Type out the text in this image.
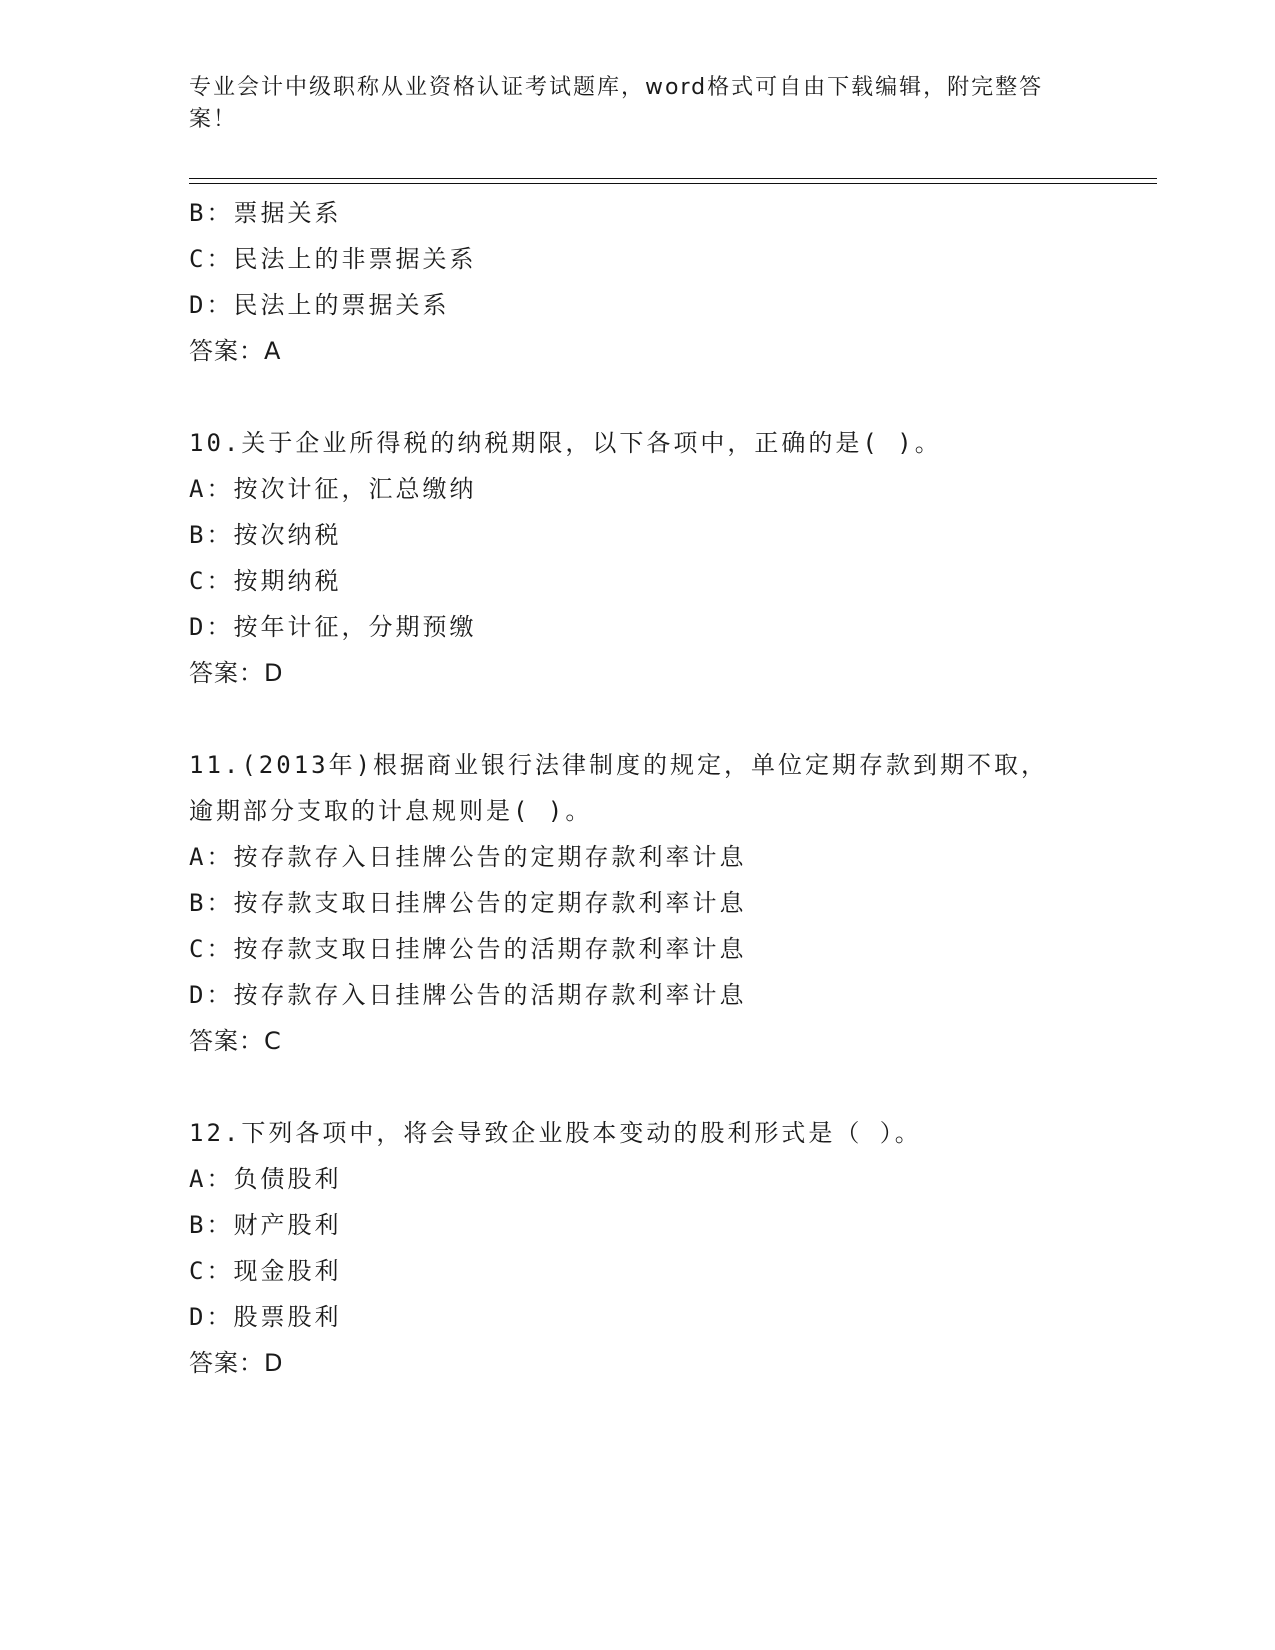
专业会计中级职称从业资格认证考试题库，word格式可自由下载编辑，附完整答案！
B：票据关系
C：民法上的非票据关系
D：民法上的票据关系
答案：A
10.关于企业所得税的纳税期限，以下各项中，正确的是( )。
A：按次计征，汇总缴纳
B：按次纳税
C：按期纳税
D：按年计征，分期预缴
答案：D
11.(2013年)根据商业银行法律制度的规定，单位定期存款到期不取，
逾期部分支取的计息规则是( )。
A：按存款存入日挂牌公告的定期存款利率计息
B：按存款支取日挂牌公告的定期存款利率计息
C：按存款支取日挂牌公告的活期存款利率计息
D：按存款存入日挂牌公告的活期存款利率计息
答案：C
12.下列各项中，将会导致企业股本变动的股利形式是（ ）。
A：负债股利
B：财产股利
C：现金股利
D：股票股利
答案：D
